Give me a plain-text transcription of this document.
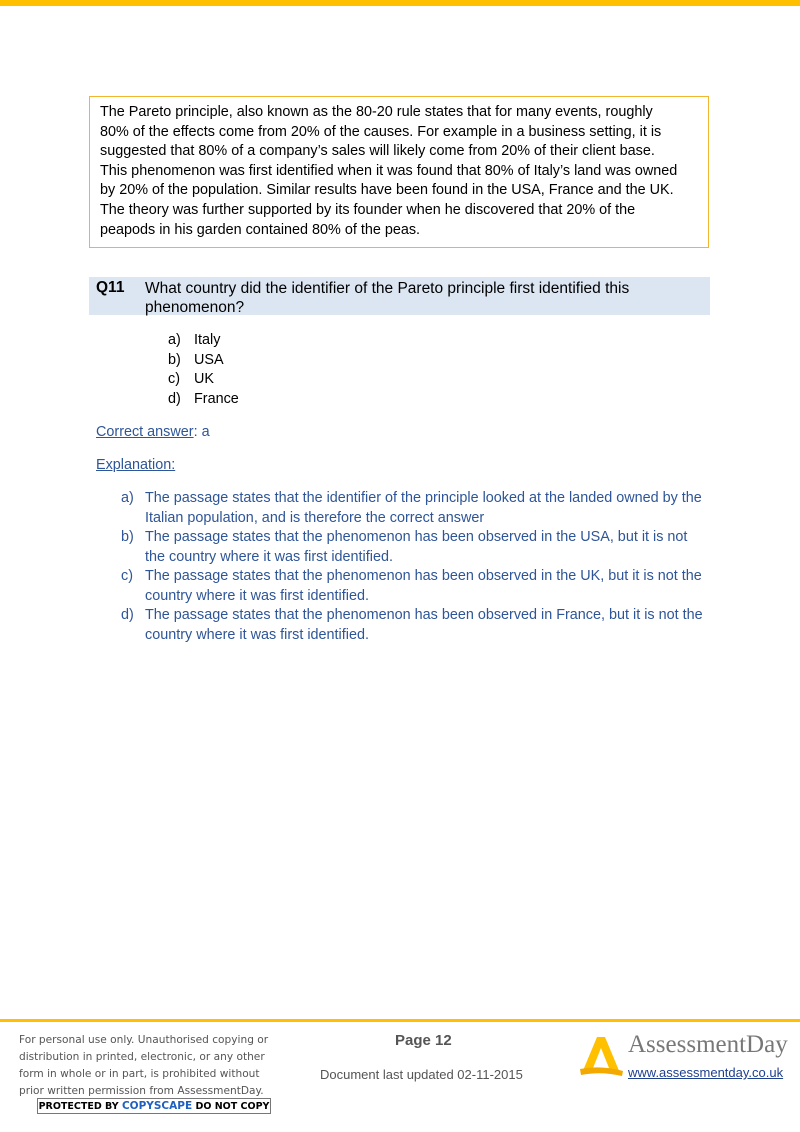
The Pareto principle, also known as the 80-20 rule states that for many events, roughly
80% of the effects come from 20% of the causes. For example in a business setting, it is
suggested that 80% of a company’s sales will likely come from 20% of their client base.
This phenomenon was first identified when it was found that 80% of Italy’s land was owned
by 20% of the population. Similar results have been found in the USA, France and the UK.
The theory was further supported by its founder when he discovered that 20% of the
peapods in his garden contained 80% of the peas.
Q11 What country did the identifier of the Pareto principle first identified this phenomenon?
a) Italy
b) USA
c) UK
d) France
Correct answer: a
Explanation:
a) The passage states that the identifier of the principle looked at the landed owned by the Italian population, and is therefore the correct answer
b) The passage states that the phenomenon has been observed in the USA, but it is not the country where it was first identified.
c) The passage states that the phenomenon has been observed in the UK, but it is not the country where it was first identified.
d) The passage states that the phenomenon has been observed in France, but it is not the country where it was first identified.
For personal use only. Unauthorised copying or
distribution in printed, electronic, or any other
form in whole or in part, is prohibited without
prior written permission from AssessmentDay.
PROTECTED BY COPYSCAPE DO NOT COPY
Page 12
Document last updated 02-11-2015
AssessmentDay
www.assessmentday.co.uk
